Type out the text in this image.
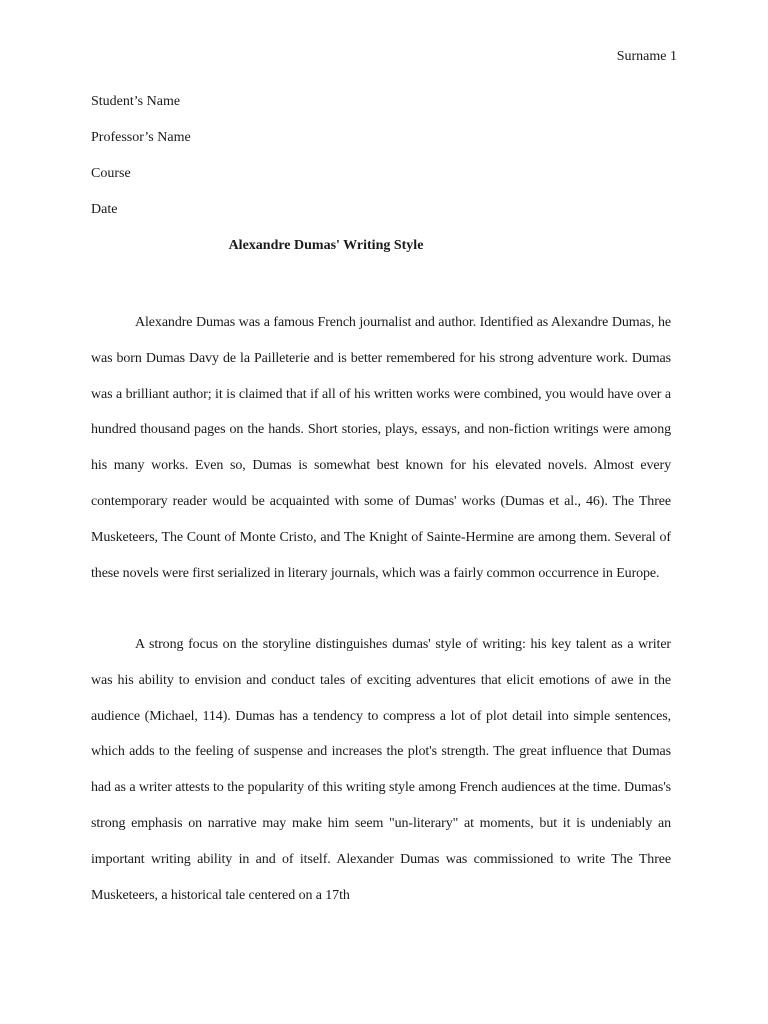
Surname 1
Student’s Name
Professor’s Name
Course
Date
Alexandre Dumas' Writing Style

Alexandre Dumas was a famous French journalist and author. Identified as Alexandre Dumas, he was born Dumas Davy de la Pailleterie and is better remembered for his strong adventure work. Dumas was a brilliant author; it is claimed that if all of his written works were combined, you would have over a hundred thousand pages on the hands. Short stories, plays, essays, and non-fiction writings were among his many works. Even so, Dumas is somewhat best known for his elevated novels. Almost every contemporary reader would be acquainted with some of Dumas' works (Dumas et al., 46). The Three Musketeers, The Count of Monte Cristo, and The Knight of Sainte-Hermine are among them. Several of these novels were first serialized in literary journals, which was a fairly common occurrence in Europe.

A strong focus on the storyline distinguishes dumas' style of writing: his key talent as a writer was his ability to envision and conduct tales of exciting adventures that elicit emotions of awe in the audience (Michael, 114). Dumas has a tendency to compress a lot of plot detail into simple sentences, which adds to the feeling of suspense and increases the plot's strength. The great influence that Dumas had as a writer attests to the popularity of this writing style among French audiences at the time. Dumas's strong emphasis on narrative may make him seem "un-literary" at moments, but it is undeniably an important writing ability in and of itself. Alexander Dumas was commissioned to write The Three Musketeers, a historical tale centered on a 17th
